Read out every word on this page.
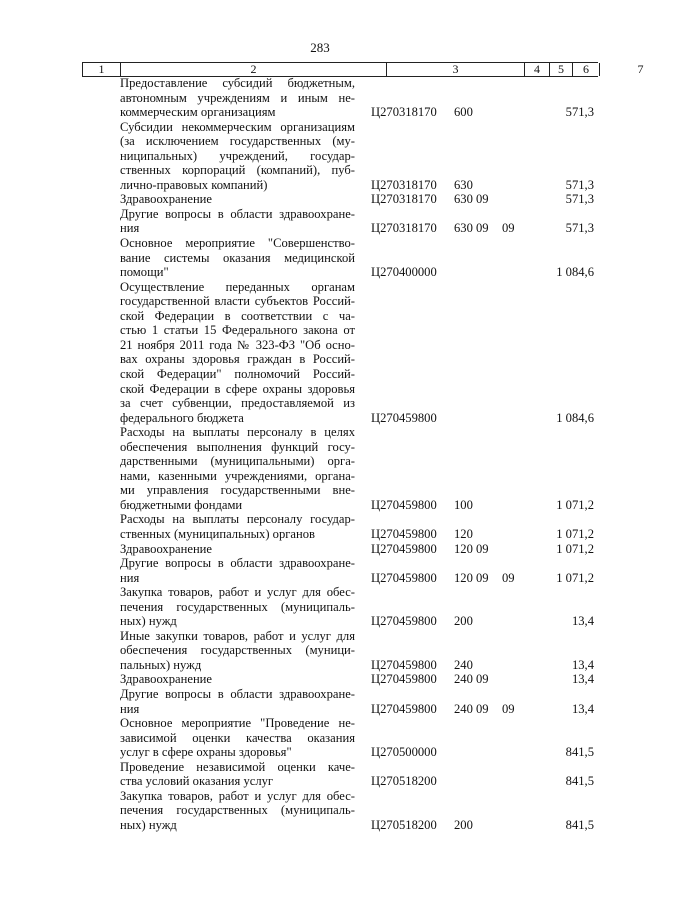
283
1	2	3	4	5	6	7
Предоставление субсидий бюджетным,
автономным учреждениям и иным не-
коммерческим организациям	Ц270318170 600	571,3
Субсидии некоммерческим организациям
(за исключением государственных (му-
ниципальных) учреждений, государ-
ственных корпораций (компаний), пуб-
лично-правовых компаний)	Ц270318170 630	571,3
Здравоохранение	Ц270318170 630 09	571,3
Другие вопросы в области здравоохране-
ния	Ц270318170 630 09 09	571,3
Основное мероприятие "Совершенство-
вание системы оказания медицинской
помощи"	Ц270400000	1 084,6
Осуществление переданных органам
государственной власти субъектов Россий-
ской Федерации в соответствии с ча-
стью 1 статьи 15 Федерального закона от
21 ноября 2011 года № 323-ФЗ "Об осно-
вах охраны здоровья граждан в Россий-
ской Федерации" полномочий Россий-
ской Федерации в сфере охраны здоровья
за счет субвенции, предоставляемой из
федерального бюджета	Ц270459800	1 084,6
Расходы на выплаты персоналу в целях
обеспечения выполнения функций госу-
дарственными (муниципальными) орга-
нами, казенными учреждениями, органа-
ми управления государственными вне-
бюджетными фондами	Ц270459800 100	1 071,2
Расходы на выплаты персоналу государ-
ственных (муниципальных) органов	Ц270459800 120	1 071,2
Здравоохранение	Ц270459800 120 09	1 071,2
Другие вопросы в области здравоохране-
ния	Ц270459800 120 09 09	1 071,2
Закупка товаров, работ и услуг для обес-
печения государственных (муниципаль-
ных) нужд	Ц270459800 200	13,4
Иные закупки товаров, работ и услуг для
обеспечения государственных (муници-
пальных) нужд	Ц270459800 240	13,4
Здравоохранение	Ц270459800 240 09	13,4
Другие вопросы в области здравоохране-
ния	Ц270459800 240 09 09	13,4
Основное мероприятие "Проведение не-
зависимой оценки качества оказания
услуг в сфере охраны здоровья"	Ц270500000	841,5
Проведение независимой оценки каче-
ства условий оказания услуг	Ц270518200	841,5
Закупка товаров, работ и услуг для обес-
печения государственных (муниципаль-
ных) нужд	Ц270518200 200	841,5
